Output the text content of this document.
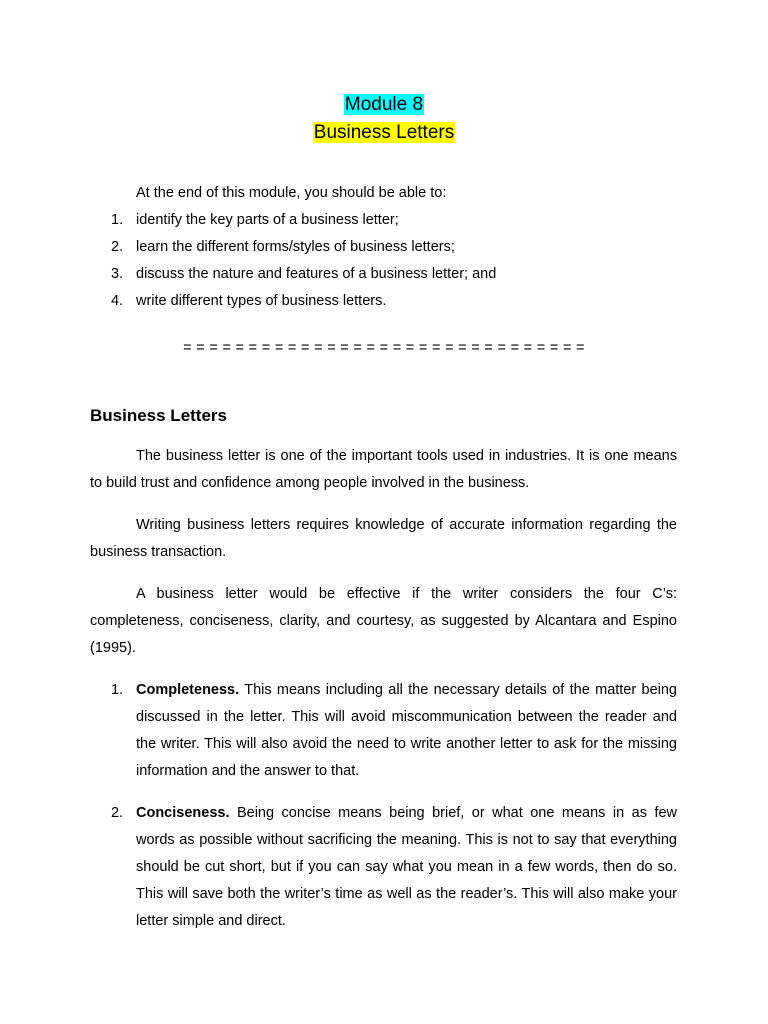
Module 8
Business Letters
At the end of this module, you should be able to:
1. identify the key parts of a business letter;
2. learn the different forms/styles of business letters;
3. discuss the nature and features of a business letter; and
4. write different types of business letters.
= = = = = = = = = = = = = = = = = = = = = = = = = = = = = = =
Business Letters

The business letter is one of the important tools used in industries. It is one means to build trust and confidence among people involved in the business.

Writing business letters requires knowledge of accurate information regarding the business transaction.

A business letter would be effective if the writer considers the four C’s: completeness, conciseness, clarity, and courtesy, as suggested by Alcantara and Espino (1995).

1. Completeness. This means including all the necessary details of the matter being discussed in the letter. This will avoid miscommunication between the reader and the writer. This will also avoid the need to write another letter to ask for the missing information and the answer to that.
2. Conciseness. Being concise means being brief, or what one means in as few words as possible without sacrificing the meaning. This is not to say that everything should be cut short, but if you can say what you mean in a few words, then do so. This will save both the writer’s time as well as the reader’s. This will also make your letter simple and direct.
